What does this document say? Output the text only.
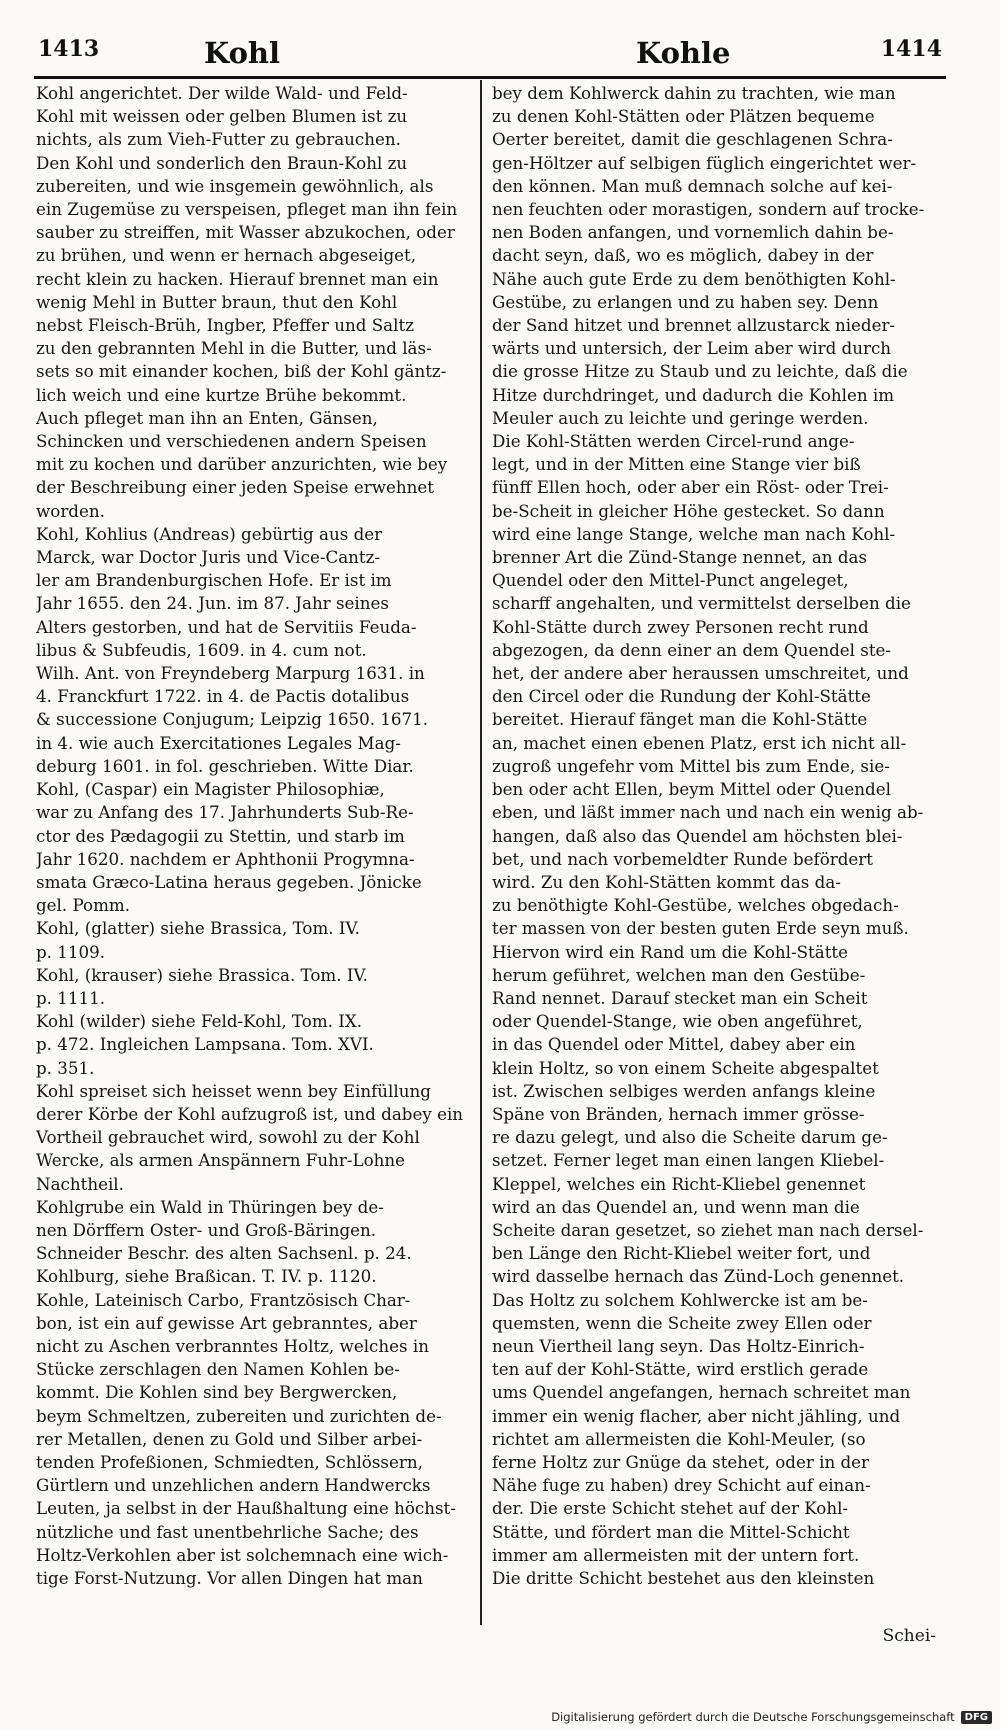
1413	Kohl	Kohle	1414
Kohl angerichtet. Der wilde Wald- und Feld-
Kohl mit weissen oder gelben Blumen ist zu
nichts, als zum Vieh-Futter zu gebrauchen.
Den Kohl und sonderlich den Braun-Kohl zu
zubereiten, und wie insgemein gewöhnlich, als
ein Zugemüse zu verspeisen, pfleget man ihn fein
sauber zu streiffen, mit Wasser abzukochen, oder
zu brühen, und wenn er hernach abgeseiget,
recht klein zu hacken. Hierauf brennet man ein
wenig Mehl in Butter braun, thut den Kohl
nebst Fleisch-Brüh, Ingber, Pfeffer und Saltz
zu den gebrannten Mehl in die Butter, und läs-
sets so mit einander kochen, biß der Kohl gäntz-
lich weich und eine kurtze Brühe bekommt.
Auch pfleget man ihn an Enten, Gänsen,
Schincken und verschiedenen andern Speisen
mit zu kochen und darüber anzurichten, wie bey
der Beschreibung einer jeden Speise erwehnet
worden.
Kohl, Kohlius (Andreas) gebürtig aus der
Marck, war Doctor Juris und Vice-Cantz-
ler am Brandenburgischen Hofe. Er ist im
Jahr 1655. den 24. Jun. im 87. Jahr seines
Alters gestorben, und hat de Servitiis Feuda-
libus & Subfeudis, 1609. in 4. cum not.
Wilh. Ant. von Freyndeberg Marpurg 1631. in
4. Franckfurt 1722. in 4. de Pactis dotalibus
& successione Conjugum; Leipzig 1650. 1671.
in 4. wie auch Exercitationes Legales Mag-
deburg 1601. in fol. geschrieben. Witte Diar.
Kohl, (Caspar) ein Magister Philosophiæ,
war zu Anfang des 17. Jahrhunderts Sub-Re-
ctor des Pædagogii zu Stettin, und starb im
Jahr 1620. nachdem er Aphthonii Progymna-
smata Græco-Latina heraus gegeben. Jönicke
gel. Pomm.
Kohl, (glatter) siehe Brassica, Tom. IV.
p. 1109.
Kohl, (krauser) siehe Brassica. Tom. IV.
p. 1111.
Kohl (wilder) siehe Feld-Kohl, Tom. IX.
p. 472. Ingleichen Lampsana. Tom. XVI.
p. 351.
Kohl spreiset sich heisset wenn bey Einfüllung
derer Körbe der Kohl aufzugroß ist, und dabey ein
Vortheil gebrauchet wird, sowohl zu der Kohl
Wercke, als armen Anspännern Fuhr-Lohne
Nachtheil.
Kohlgrube ein Wald in Thüringen bey de-
nen Dörffern Oster- und Groß-Bäringen.
Schneider Beschr. des alten Sachsenl. p. 24.
Kohlburg, siehe Braßican. T. IV. p. 1120.
Kohle, Lateinisch Carbo, Frantzösisch Char-
bon, ist ein auf gewisse Art gebranntes, aber
nicht zu Aschen verbranntes Holtz, welches in
Stücke zerschlagen den Namen Kohlen be-
kommt. Die Kohlen sind bey Bergwercken,
beym Schmeltzen, zubereiten und zurichten de-
rer Metallen, denen zu Gold und Silber arbei-
tenden Profeßionen, Schmiedten, Schlössern,
Gürtlern und unzehlichen andern Handwercks
Leuten, ja selbst in der Haußhaltung eine höchst-
nützliche und fast unentbehrliche Sache; des
Holtz-Verkohlen aber ist solchemnach eine wich-
tige Forst-Nutzung. Vor allen Dingen hat man
bey dem Kohlwerck dahin zu trachten, wie man
zu denen Kohl-Stätten oder Plätzen bequeme
Oerter bereitet, damit die geschlagenen Schra-
gen-Höltzer auf selbigen füglich eingerichtet wer-
den können. Man muß demnach solche auf kei-
nen feuchten oder morastigen, sondern auf trocke-
nen Boden anfangen, und vornemlich dahin be-
dacht seyn, daß, wo es möglich, dabey in der
Nähe auch gute Erde zu dem benöthigten Kohl-
Gestübe, zu erlangen und zu haben sey. Denn
der Sand hitzet und brennet allzustarck nieder-
wärts und untersich, der Leim aber wird durch
die grosse Hitze zu Staub und zu leichte, daß die
Hitze durchdringet, und dadurch die Kohlen im
Meuler auch zu leichte und geringe werden.
Die Kohl-Stätten werden Circel-rund ange-
legt, und in der Mitten eine Stange vier biß
fünff Ellen hoch, oder aber ein Röst- oder Trei-
be-Scheit in gleicher Höhe gestecket. So dann
wird eine lange Stange, welche man nach Kohl-
brenner Art die Zünd-Stange nennet, an das
Quendel oder den Mittel-Punct angeleget,
scharff angehalten, und vermittelst derselben die
Kohl-Stätte durch zwey Personen recht rund
abgezogen, da denn einer an dem Quendel ste-
het, der andere aber heraussen umschreitet, und
den Circel oder die Rundung der Kohl-Stätte
bereitet. Hierauf fänget man die Kohl-Stätte
an, machet einen ebenen Platz, erst ich nicht all-
zugroß ungefehr vom Mittel bis zum Ende, sie-
ben oder acht Ellen, beym Mittel oder Quendel
eben, und läßt immer nach und nach ein wenig ab-
hangen, daß also das Quendel am höchsten blei-
bet, und nach vorbemeldter Runde befördert
wird. Zu den Kohl-Stätten kommt das da-
zu benöthigte Kohl-Gestübe, welches obgedach-
ter massen von der besten guten Erde seyn muß.
Hiervon wird ein Rand um die Kohl-Stätte
herum geführet, welchen man den Gestübe-
Rand nennet. Darauf stecket man ein Scheit
oder Quendel-Stange, wie oben angeführet,
in das Quendel oder Mittel, dabey aber ein
klein Holtz, so von einem Scheite abgespaltet
ist. Zwischen selbiges werden anfangs kleine
Späne von Bränden, hernach immer grösse-
re dazu gelegt, und also die Scheite darum ge-
setzet. Ferner leget man einen langen Kliebel-
Kleppel, welches ein Richt-Kliebel genennet
wird an das Quendel an, und wenn man die
Scheite daran gesetzet, so ziehet man nach dersel-
ben Länge den Richt-Kliebel weiter fort, und
wird dasselbe hernach das Zünd-Loch genennet.
Das Holtz zu solchem Kohlwercke ist am be-
quemsten, wenn die Scheite zwey Ellen oder
neun Viertheil lang seyn. Das Holtz-Einrich-
ten auf der Kohl-Stätte, wird erstlich gerade
ums Quendel angefangen, hernach schreitet man
immer ein wenig flacher, aber nicht jähling, und
richtet am allermeisten die Kohl-Meuler, (so
ferne Holtz zur Gnüge da stehet, oder in der
Nähe fuge zu haben) drey Schicht auf einan-
der. Die erste Schicht stehet auf der Kohl-
Stätte, und fördert man die Mittel-Schicht
immer am allermeisten mit der untern fort.
Die dritte Schicht bestehet aus den kleinsten
Schei-
Digitalisierung gefördert durch die Deutsche Forschungsgemeinschaft	DFG
